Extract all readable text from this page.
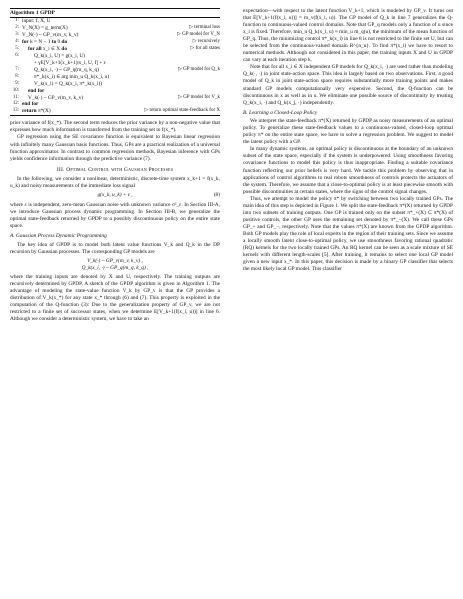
Algorithm 1 GPDP
1: input: f, X, U
2: V_N(X) = g_term(X)	▷ terminal loss
3: V_N(·) ~ GP_v(m_v, k_v)	▷ GP model for V_N
4: for k = N − 1 to 0 do	▷ recursively
5:	for all x_i ∈ X do	▷ for all states
6:	Q_k(x_i, U) = g(x_i, U)
+ γE[V_k+1(x_k+1)|x_i, U, f] + ε
7:	Q_k(x_i, ·) ~ GP_q(m_q, k_q)	▷ GP model for Q_k
8:	π*_k(x_i) ∈ arg min_u Q_k(x_i, u)
9:	V_k(x_i) = Q_k(x_i, π*_k(x_i))
10:	end for
11:	V_k(·) ~ GP_v(m_v, k_v)	▷ GP model for V_k
12: end for
13: return π*(X)	▷ return optimal state-feedback for X

prior variance of f(x_*). The second term reduces the prior variance by a non-negative value that expresses how much information is transferred from the training set to f(x_*).

GP regression using the SE covariance function is equivalent to Bayesian linear regression with infinitely many Gaussian basis functions. Thus, GPs are a practical realization of a universal function approximator. In contrast to common regression methods, Bayesian inference with GPs yields confidence information through the predictive variance (7).

III. Optimal Control with Gaussian Processes

In the following, we consider a nonlinear, deterministic, discrete-time system x_k+1 = f(x_k, u_k) and noisy measurements of the immediate loss signal

g(x_k, u_k) + ε ,	(8)

where ε is independent, zero-mean Gaussian noise with unknown variance σ²_ε. In Section III-A, we introduce Gaussian process dynamic programming. In Section III-B, we generalize the optimal state-feedback returned by GPDP to a possibly discontinuous policy on the entire state space.

A. Gaussian Process Dynamic Programming

The key idea of GPDP is to model both latent value functions V_k and Q_k in the DP recursion by Gaussian processes. The corresponding GP models are

V_k(·) ~ GP_v(m_v, k_v) ,
Q_k(x_i, ·) ~ GP_q(m_q, k_q) ,

where the training inputs are denoted by X and U, respectively. The training outputs are recursively determined by GPDP. A sketch of the GPDP algorithm is given in Algorithm 1. The advantage of modeling the state-value function V_k by GP_v is that the GP provides a distribution of V_k(x_*) for any state x_* through (6) and (7). This property is exploited in the computation of the Q-function (3): Due to the generalization property of GP_v, we are not restricted to a finite set of successor states, when we determine E[V_k+1(f(x_i, u))] in line 6. Although we consider a deterministic system, we have to take an

expectation—with respect to the latent function V_k+1, which is modeled by GP_v. It turns out that E[V_k+1(f(x_i, u))] = m_v(f(x_i, u)). The GP model of Q_k in line 7 generalizes the Q-function to continuous-valued control domains. Note that GP_q models only a function of u since x_i is fixed. Therefore, min_u Q_k(x_i, u) ≈ min_u m_q(u), the minimum of the mean function of GP_q. Thus, the minimizing control π*_k(x_i) in line 8 is not restricted to the finite set U, but can be selected from the continuous-valued domain R^{n_u}. To find π*(x_i) we have to resort to numerical methods. Although not considered in this paper, the training inputs X and U in GPDP can vary at each iteration step k.

Note that for all x_i ∈ X independent GP models for Q_k(x_i, ·) are used rather than modeling Q_k(·, ·) in joint state-action space. This idea is largely based on two observations. First, a good model of Q_k in joint state-action space requires substantially more training points and makes standard GP models computationally very expensive. Second, the Q-function can be discontinuous in x as well as in u. We eliminate one possible source of discontinuity by treating Q_k(x_i, ·) and Q_k(x_j, ·) independently.

B. Learning a Closed-Loop Policy

We interpret the state-feedback π*(X) returned by GPDP as noisy measurements of an optimal policy. To generalize these state-feedback values to a continuous-valued, closed-loop optimal policy π* on the entire state space, we have to solve a regression problem. We suggest to model the latent policy with a GP.

In many dynamic systems, an optimal policy is discontinuous at the boundary of an unknown subset of the state space, especially if the system is underpowered. Using smoothness favoring covariance functions to model this policy is thus inappropriate. Finding a suitable covariance function reflecting our prior beliefs is very hard. We tackle this problem by observing that in applications of control algorithms to real robots smoothness of controls protects the actuators of the system. Therefore, we assume that a close-to-optimal policy is at least piecewise smooth with possible discontinuities at certain states, where the signs of the control signal changes.

Thus, we attempt to model the policy π* by switching between two locally trained GPs. The main idea of this step is depicted in Figure 1. We split the state-feedback π*(X) returned by GPDP into two subsets of training outputs. One GP is trained only on the subset π*_+(X) ⊂ π*(X) of positive controls, the other GP uses the remaining set denoted by π*_−(X). We call these GPs GP_+ and GP_−, respectively. Note that the values π*(X) are known from the GPDP algorithm. Both GP models play the role of local experts in the region of their training sets. Since we assume a locally smooth latent close-to-optimal policy, we use smoothness favoring rational quadratic (RQ) kernels for the two locally trained GPs. An RQ kernel can be seen as a scale mixture of SE kernels with different length-scales [5]. After training, it remains to select one local GP model given a new input x_*. In this paper, this decision is made by a binary GP classifier that selects the most likely local GP model. This classifier
